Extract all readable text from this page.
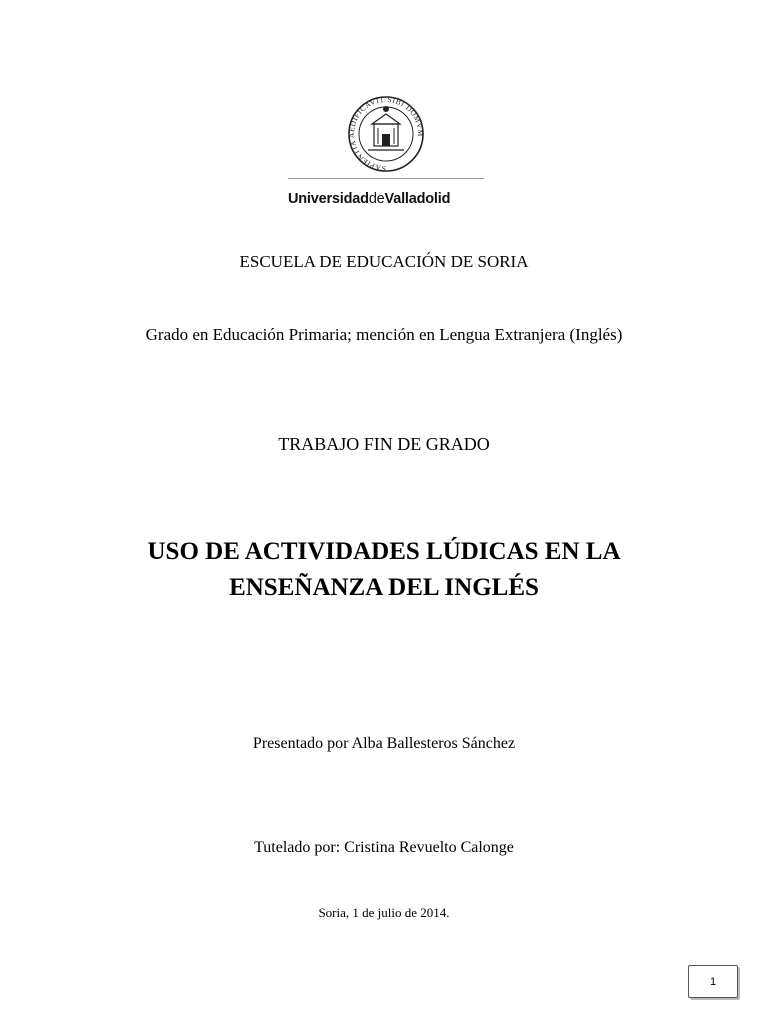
SAPIENTIA AEDIFICAVIT SIBI DOMVM
UniversidaddeValladolid
ESCUELA DE EDUCACIÓN DE SORIA
Grado en Educación Primaria; mención en Lengua Extranjera (Inglés)
TRABAJO FIN DE GRADO
USO DE ACTIVIDADES LÚDICAS EN LA
ENSEÑANZA DEL INGLÉS
Presentado por Alba Ballesteros Sánchez
Tutelado por: Cristina Revuelto Calonge
Soria, 1 de julio de 2014.
1
